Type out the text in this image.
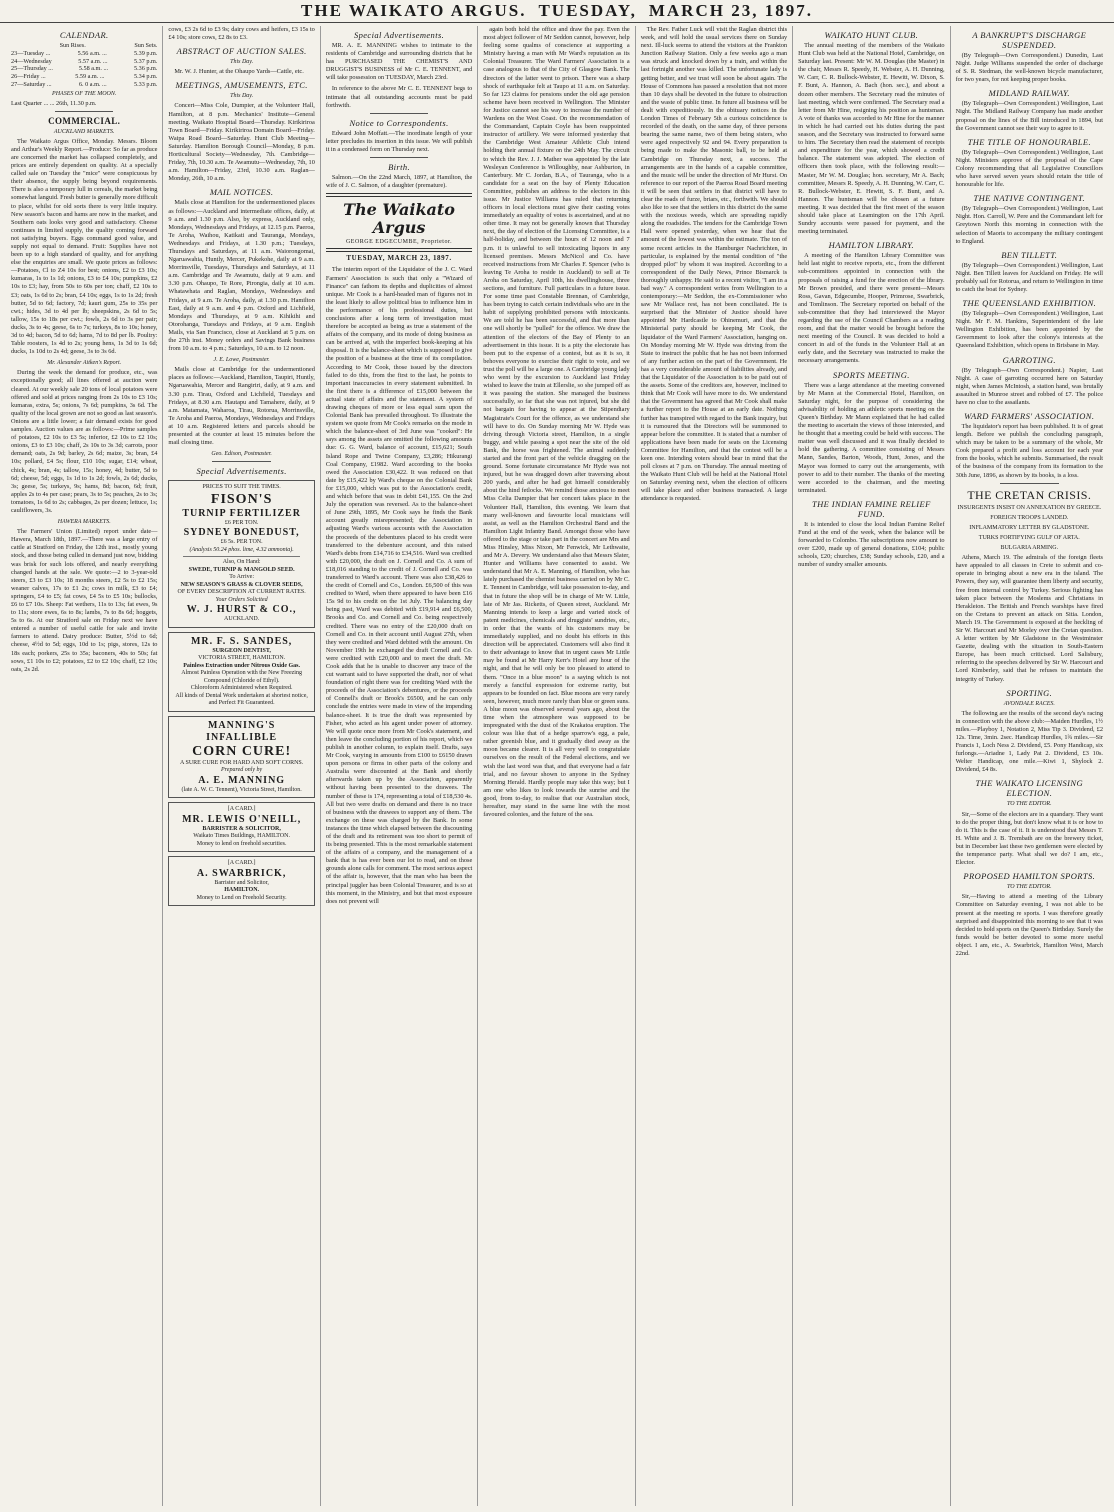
THE WAIKATO ARGUS. TUESDAY, MARCH 23, 1897.
CALENDAR.
Sun Rises.	Sun Sets.
23—Tuesday ...	5.56 a.m. ...	5.39 p.m.
24—Wednesday	5.57 a.m. ...	5.37 p.m.
25—Thursday ...	5.58 a.m. ...	5.36 p.m.
26—Friday ...	5.59 a.m. ...	5.34 p.m.
27—Saturday ...	6. 0 a.m. ...	5.33 p.m.
PHASES OF THE MOON.
Last Quarter ... ... 26th, 11.30 p.m.
COMMERCIAL.
AUCKLAND MARKETS.

The Waikato Argus Office, Monday. Messrs. Bloom and Arthur's Weekly Report.—Produce: So far as produce are concerned the market has collapsed completely, and prices are entirely dependent on quality. At a specially called sale on Tuesday the "mice" were conspicuous by their absence, the supply being beyond requirements. There is also a temporary lull in cereals, the market being somewhat languid. Fresh butter is generally more difficult to place, whilst for old sorts there is very little inquiry. New season's bacon and hams are now in the market, and Southern oats looks very good and satisfactory. Cheese continues in limited supply, the quality coming forward not satisfying buyers. Eggs command good value, and supply not equal to demand. Fruit: Supplies have not been up to a high standard of quality, and for anything else the enquiries are small. We quote prices as follows:—Potatoes, Cl to Z4 10s for best; onions, £2 to £3 10s; kumaras, 1s to 1s 1d; onions, £3 to £4 10s; pumpkins, £2 10s to £3; hay, from 50s to 60s per ton; chaff, £2 10s to £3; oats, 1s 6d to 2s; bran, £4 10s; eggs, 1s to 1s 2d; fresh butter, 5d to 6d; factory, 7d; kauri gum, 25s to 35s per cwt.; hides, 3d to 4d per lb; sheepskins, 2s 6d to 5s; tallow, 15s to 18s per cwt.; fowls, 2s 6d to 3s per pair; ducks, 3s to 4s; geese, 6s to 7s; turkeys, 8s to 10s; honey, 3d to 4d; bacon, 5d to 6d; hams, 7d to 8d per lb. Poultry: Table roosters, 1s 4d to 2s; young hens, 1s 3d to 1s 6d; ducks, 1s 10d to 2s 4d; geese, 3s to 3s 6d.

Mr. Alexander Aitken's Report.

During the week the demand for produce, etc., was exceptionally good; all lines offered at auction were cleared. At our weekly sale 20 tons of local potatoes were offered and sold at prices ranging from 2s 10s to £3 10s; kumaras, extra, 5s; onions, 7s 6d; pumpkins, 3s 6d. The quality of the local grown are not so good as last season's. Onions are a little lower; a fair demand exists for good samples. Auction values are as follows:—Prime samples of potatoes, £2 10s to £3 5s; inferior, £2 10s to £2 10s; onions, £3 to £3 10s; chaff, 2s 10s to 3s 3d; carrots, poor demand; oats, 2s 9d; barley, 2s 6d; maize, 3s; bran, £4 10s; pollard, £4 5s; flour, £10 10s; sugar, £14; wheat, chick, 4s; bran, 4s; tallow, 15s; honey, 4d; butter, 5d to 6d; cheese, 5d; eggs, 1s 1d to 1s 2d; fowls, 2s 6d; ducks, 3s; geese, 5s; turkeys, 9s; hams, 8d; bacon, 6d; fruit, apples 2s to 4s per case; pears, 3s to 5s; peaches, 2s to 3s; tomatoes, 1s 6d to 2s; cabbages, 2s per dozen; lettuce, 1s; cauliflowers, 3s.

HAWERA MARKETS.

The Farmers' Union (Limited) report under date—Hawera, March 18th, 1897.—There was a large entry of cattle at Stratford on Friday, the 12th inst., mostly young stock, and those being culled in demand just now, bidding was brisk for such lots offered, and nearly everything changed hands at the sale. We quote:—2 to 3-year-old steers, £3 to £3 10s; 18 months steers, £2 5s to £2 15s; weaner calves, 17s to £1 2s; cows in milk, £3 to £4; springers, £4 to £5; fat cows, £4 5s to £5 10s; bullocks, £6 to £7 10s. Sheep: Fat wethers, 11s to 13s; fat ewes, 9s to 11s; store ewes, 6s to 8s; lambs, 7s to 8s 6d; hoggets, 5s to 6s. At our Stratford sale on Friday next we have entered a number of useful cattle for sale and invite farmers to attend. Dairy produce: Butter, 5½d to 6d; cheese, 4½d to 5d; eggs, 10d to 1s; pigs, stores, 12s to 18s each; porkers, 25s to 35s; baconers, 40s to 50s; fat sows, £1 10s to £2; potatoes, £2 to £2 10s; chaff, £2 10s; oats, 2s 2d.

cows, £3 2s 6d to £3 9s; dairy cows and heifers, £3 15s to £4 10s; store cows, £2 8s to £3.

ABSTRACT OF AUCTION SALES.
This Day.

Mr. W. J. Hunter, at the Ohaupo Yards—Cattle, etc.

MEETINGS, AMUSEMENTS, ETC.
This Day.

Concert—Miss Cole, Dumpier, at the Volunteer Hall, Hamilton, at 8 p.m. Mechanics' Institute—General meeting. Waikato Hospital Board—Thursday. Kirikiriroa Town Board—Friday. Kirikiriroa Domain Board—Friday. Waipa Road Board—Saturday. Hunt Club Meeting—Saturday. Hamilton Borough Council—Monday, 8 p.m. Horticultural Society—Wednesday, 7th. Cambridge—Friday, 7th, 10.30 a.m. Te Awamutu—Wednesday, 7th, 10 a.m. Hamilton—Friday, 23rd, 10.30 a.m. Raglan—Monday, 26th, 10 a.m.

MAIL NOTICES.

Mails close at Hamilton for the undermentioned places as follows:—Auckland and intermediate offices, daily, at 9 a.m. and 1.30 p.m. Also, by express, Auckland only, Mondays, Wednesdays and Fridays, at 12.15 p.m. Paeroa, Te Aroha, Waihou, Katikati and Tauranga, Mondays, Wednesdays and Fridays, at 1.30 p.m.; Tuesdays, Thursdays and Saturdays, at 11 a.m. Waiorongomai, Ngaruawahia, Huntly, Mercer, Pukekohe, daily at 9 a.m. Morrinsville, Tuesdays, Thursdays and Saturdays, at 11 a.m. Cambridge and Te Awamutu, daily at 9 a.m. and 3.30 p.m. Ohaupo, Te Rore, Pirongia, daily at 10 a.m. Whatawhata and Raglan, Mondays, Wednesdays and Fridays, at 9 a.m. Te Aroha, daily, at 1.30 p.m. Hamilton East, daily at 9 a.m. and 4 p.m. Oxford and Lichfield, Mondays and Thursdays, at 9 a.m. Kihikihi and Otorohanga, Tuesdays and Fridays, at 9 a.m. English Mails, via San Francisco, close at Auckland at 5 p.m. on the 27th inst. Money orders and Savings Bank business from 10 a.m. to 4 p.m.; Saturdays, 10 a.m. to 12 noon.

J. E. Lowe, Postmaster.

Mails close at Cambridge for the undermentioned places as follows:—Auckland, Hamilton, Taupiri, Huntly, Ngaruawahia, Mercer and Rangiriri, daily, at 9 a.m. and 3.30 p.m. Tirau, Oxford and Lichfield, Tuesdays and Fridays, at 8.30 a.m. Hautapu and Tamahere, daily, at 9 a.m. Matamata, Waharoa, Tirau, Rotorua, Morrinsville, Te Aroha and Paeroa, Mondays, Wednesdays and Fridays at 10 a.m. Registered letters and parcels should be presented at the counter at least 15 minutes before the mail closing time.

Geo. Edison, Postmaster.
Special Advertisements.
PRICES TO SUIT THE TIMES.
FISON'S
TURNIP FERTILIZER
£6 PER TON.
SYDNEY BONEDUST,
£6 5s. PER TON.
(Analysis 50.24 phos. lime, 4.32 ammonia).
Also, On Hand:
SWEDE, TURNIP & MANGOLD SEED.
To Arrive:
NEW SEASON'S GRASS & CLOVER SEEDS,
OF EVERY DESCRIPTION AT CURRENT RATES.
Your Orders Solicited
W. J. HURST & CO.,
AUCKLAND.
MR. F. S. SANDES,
SURGEON DENTIST,
VICTORIA STREET, HAMILTON.
Painless Extraction under Nitrous Oxide Gas.
Almost Painless Operation with the New Freezing Compound (Chloride of Ethyl).
Chloroform Administered when Required.
All kinds of Dental Work undertaken at shortest notice, and Perfect Fit Guaranteed.
MANNING'S INFALLIBLE
CORN CURE!
A SURE CURE FOR HARD AND SOFT CORNS.
Prepared only by
A. E. MANNING
(late A. W. C. Tennent), Victoria Street, Hamilton.
[A CARD.]
MR. LEWIS O'NEILL,
BARRISTER & SOLICITOR,
Waikato Times Buildings, HAMILTON.
Money to lend on freehold securities.
[A CARD.]
A. SWARBRICK,
Barrister and Solicitor,
HAMILTON.
Money to Lend on Freehold Security.
Special Advertisements.

MR. A. E. MANNING wishes to intimate to the residents of Cambridge and surrounding districts that he has PURCHASED THE CHEMIST'S AND DRUGGIST'S BUSINESS of Mr C. E. TENNENT, and will take possession on TUESDAY, March 23rd.

In reference to the above Mr C. E. TENNENT begs to intimate that all outstanding accounts must be paid forthwith.

Notice to Correspondents.

Edward John Moffatt.—The inordinate length of your letter precludes its insertion in this issue. We will publish it in a condensed form on Thursday next.

Birth.

Salmon.—On the 22nd March, 1897, at Hamilton, the wife of J. C. Salmon, of a daughter (premature).

The Waikato Argus
GEORGE EDGECUMBE, Proprietor.
TUESDAY, MARCH 23, 1897.

The interim report of the Liquidator of the J. C. Ward Farmers' Association is such that only a "Wizard of Finance" can fathom its depths and duplicities of almost unique. Mr Cook is a hard-headed man of figures not in the least likely to allow political bias to influence him in the performance of his professional duties, but conclusions after a long term of investigation must therefore be accepted as being as true a statement of the affairs of the company, and its mode of doing business as can be arrived at, with the imperfect book-keeping at his disposal. It is the balance-sheet which is supposed to give the position of a business at the time of its compilation. According to Mr Cook, those issued by the directors failed to do this, from the first to the last, he points to important inaccuracies in every statement submitted. In the first there is a difference of £15,000 between the actual state of affairs and the statement. A system of drawing cheques of more or less equal sum upon the Colonial Bank has prevailed throughout. To illustrate the system we quote from Mr Cook's remarks on the mode in which the balance-sheet of 3rd June was "cooked": He says among the assets are omitted the following amounts due: G. G. Ward, balance of account, £15,621; South Island Rope and Twine Company, £3,286; Hikurangi Coal Company, £1982. Ward according to the books owed the Association £30,422. It was reduced on that date by £15,422 by Ward's cheque on the Colonial Bank for £15,000, which was put to the Association's credit, and which before that was in debit £41,155. On the 2nd July the operation was reversed. As to the balance-sheet of June 29th, 1895, Mr Cook says he finds the Bank account greatly misrepresented; the Association in adjusting Ward's various accounts with the Association the proceeds of the debentures placed to his credit were transferred to the debenture account, and this raised Ward's debts from £14,716 to £34,516. Ward was credited with £20,000, the draft on J. Cornell and Co. A sum of £18,016 standing to the credit of J. Cornell and Co. was transferred to Ward's account. There was also £38,426 to the credit of Cornell and Co., London. £6,500 of this was credited to Ward, when there appeared to have been £16 15s 9d to his credit on the 1st July. The balancing day being past, Ward was debited with £19,914 and £6,500, Brooks and Co. and Cornell and Co. being respectively credited. There was no entry of the £20,000 draft on Cornell and Co. in their account until August 27th, when they were credited and Ward debited with the amount. On November 19th he exchanged the draft Cornell and Co. were credited with £20,000 and to meet the draft. Mr Cook adds that he is unable to discover any trace of the cut warrant said to have supported the draft, nor of what foundation of right there was for crediting Ward with the proceeds of the Association's debentures, or the proceeds of Connell's draft or Brook's £6500, and he can only conclude the entries were made in view of the impending balance-sheet. It is true the draft was represented by Fisher, who acted as his agent under power of attorney. We will quote once more from Mr Cook's statement, and then leave the concluding portion of his report, which we publish in another column, to explain itself. Drafts, says Mr Cook, varying in amounts from £100 to £6150 drawn upon persons or firms in other parts of the colony and Australia were discounted at the Bank and shortly afterwards taken up by the Association, apparently without having been presented to the drawees. The number of these is 174, representing a total of £18,530 4s. All but two were drafts on demand and there is no trace of business with the drawees to support any of them. The exchange on these was charged by the Bank. In some instances the time which elapsed between the discounting of the draft and its retirement was too short to permit of its being presented. This is the most remarkable statement of the affairs of a company, and the management of a bank that is has ever been our lot to read, and on those grounds alone calls for comment. The most serious aspect of the affair is, however, that the man who has been the principal juggler has been Colonial Treasurer, and is so at this moment, in the Ministry, and but that most exposure does not prevent will

again both hold the office and draw the pay. Even the most abject follower of Mr Seddon cannot, however, help feeling some qualms of conscience at supporting a Ministry having a man with Mr Ward's reputation as its Colonial Treasurer. The Ward Farmers' Association is a case analogous to that of the City of Glasgow Bank. The directors of the latter went to prison. There was a sharp shock of earthquake felt at Taupo at 11 a.m. on Saturday. So far 123 claims for pensions under the old age pension scheme have been received in Wellington. The Minister for Justice cannot see his way to increase the number of Wardens on the West Coast. On the recommendation of the Commandant, Captain Coyle has been reappointed instructor of artillery. We were informed yesterday that the Cambridge West Amateur Athletic Club intend holding their annual fixture on the 24th May. The circuit to which the Rev. J. J. Mather was appointed by the late Wesleyan Conference is Willoughby, near Ashburton, in Canterbury. Mr C. Jordan, B.A., of Tauranga, who is a candidate for a seat on the bay of Plenty Education Committee, publishes an address to the electors in this issue. Mr Justice Williams has ruled that returning officers in local elections must give their casting votes immediately an equality of votes is ascertained, and at no other time. It may not be generally known that Thursday next, the day of election of the Licensing Committee, is a half-holiday, and between the hours of 12 noon and 7 p.m. it is unlawful to sell intoxicating liquors in any licensed premises. Messrs McNicol and Co. have received instructions from Mr Charles F. Spencer (who is leaving Te Aroha to reside in Auckland) to sell at Te Aroha on Saturday, April 10th, his dwellinghouse, three sections, and furniture. Full particulars in a future issue. For some time past Constable Brennan, of Cambridge, has been trying to catch certain individuals who are in the habit of supplying prohibited persons with intoxicants. We are told he has been successful, and that more than one will shortly be "pulled" for the offence. We draw the attention of the electors of the Bay of Plenty to an advertisement in this issue. It is a pity the electorate has been put to the expense of a contest, but as it is so, it behoves everyone to exercise their right to vote, and we trust the poll will be a large one. A Cambridge young lady who went by the excursion to Auckland last Friday wished to leave the train at Ellerslie, so she jumped off as it was passing the station. She managed the business successfully, so far that she was not injured, but she did not bargain for having to appear at the Stipendiary Magistrate's Court for the offence, as we understand she will have to do. On Sunday morning Mr W. Hyde was driving through Victoria street, Hamilton, in a single buggy, and while passing a spot near the site of the old Bank, the horse was frightened. The animal suddenly started and the front part of the vehicle dragging on the ground. Some fortunate circumstance Mr Hyde was not injured, but he was dragged down after traversing about 200 yards, and after he had got himself considerably about the hind fetlocks. We remind those anxious to meet Miss Celia Dampier that her concert takes place in the Volunteer Hall, Hamilton, this evening. We learn that many well-known and favourite local musicians will assist, as well as the Hamilton Orchestral Band and the Hamilton Light Infantry Band. Amongst those who have offered to the stage or take part in the concert are Mrs and Miss Hinsley, Miss Nixon, Mr Fenwick, Mr Lethwaite, and Mr A. Devery. We understand also that Messrs Slater, Hunter and Williams have consented to assist. We understand that Mr A. E. Manning, of Hamilton, who has lately purchased the chemist business carried on by Mr C. E. Tennent in Cambridge, will take possession to-day, and that in future the shop will be in charge of Mr W. Little, late of Mr Jas. Ricketts, of Queen street, Auckland. Mr Manning intends to keep a large and varied stock of patent medicines, chemicals and druggists' sundries, etc., in order that the wants of his customers may be immediately supplied, and no doubt his efforts in this direction will be appreciated. Customers will also find it to their advantage to know that in urgent cases Mr Little may be found at Mr Harry Kerr's Hotel any hour of the night, and that he will only be too pleased to attend to them. "Once in a blue moon" is a saying which is not merely a fanciful expression for extreme rarity, but appears to be founded on fact. Blue moons are very rarely seen, however, much more rarely than blue or green suns. A blue moon was observed several years ago, about the time when the atmosphere was supposed to be impregnated with the dust of the Krakatoa eruption. The colour was like that of a hedge sparrow's egg, a pale, rather greenish blue, and it gradually died away as the moon became clearer. It is all very well to congratulate ourselves on the result of the Federal elections, and we wish the last word was that, and that everyone had a fair trial, and no favour shown to anyone in the Sydney Morning Herald. Hardly people may take this way; but I am one who likes to look towards the sunrise and the good, from to-day, to realise that our Australian stock, hereafter, may stand in the same line with the most favoured colonies, and the future of the sea.

The Rev. Father Luck will visit the Raglan district this week, and will hold the usual services there on Sunday next. Ill-luck seems to attend the visitors at the Frankton Junction Railway Station. Only a few weeks ago a man was struck and knocked down by a train, and within the last fortnight another was killed. The unfortunate lady is getting better, and we trust will soon be about again. The House of Commons has passed a resolution that not more than 10 days shall be devoted in the future to obstruction and the waste of public time. In future all business will be dealt with expeditiously. In the obituary notices in the London Times of February 5th a curious coincidence is recorded of the death, on the same day, of three persons bearing the same name, two of them being sisters, who were aged respectively 92 and 94. Every preparation is being made to make the Masonic ball, to be held at Cambridge on Thursday next, a success. The arrangements are in the hands of a capable committee, and the music will be under the direction of Mr Hurst. On reference to our report of the Paeroa Road Board meeting it will be seen that settlers in that district will have to clear the roads of furze, briars, etc., forthwith. We should also like to see that the settlers in this district do the same with the noxious weeds, which are spreading rapidly along the roadsides. The tenders for the Cambridge Town Hall were opened yesterday, when we hear that the amount of the lowest was within the estimate. The ton of some recent articles in the Hamburger Nachrichten, in particular, is explained by the mental condition of "the dropped pilot" by whom it was inspired. According to a correspondent of the Daily News, Prince Bismarck is thoroughly unhappy. He said to a recent visitor, "I am in a bad way." A correspondent writes from Wellington to a contemporary:—Mr Seddon, the ex-Commissioner who saw Mr Wallace rest, has not been conciliated. He is surprised that the Minister of Justice should have appointed Mr Hardcastle to Ohinemuri, and that the Ministerial party should be keeping Mr Cook, the liquidator of the Ward Farmers' Association, hanging on. On Monday morning Mr W. Hyde was driving from the State to instruct the public that he has not been informed of any further action on the part of the Government. He has a very considerable amount of liabilities already, and that the Liquidator of the Association is to be paid out of the assets. Some of the creditors are, however, inclined to think that Mr Cook will have more to do. We understand that the Government has agreed that Mr Cook shall make a further report to the House at an early date. Nothing further has transpired with regard to the Bank inquiry, but it is rumoured that the Directors will be summoned to appear before the committee. It is stated that a number of applications have been made for seats on the Licensing Committee for Hamilton, and that the contest will be a keen one. Intending voters should bear in mind that the poll closes at 7 p.m. on Thursday. The annual meeting of the Waikato Hunt Club will be held at the National Hotel on Saturday evening next, when the election of officers will take place and other business transacted. A large attendance is requested.

WAIKATO HUNT CLUB.

The annual meeting of the members of the Waikato Hunt Club was held at the National Hotel, Cambridge, on Saturday last. Present: Mr W. M. Douglas (the Master) in the chair, Messrs R. Speedy, H. Webster, A. H. Dunning, W. Carr, C. R. Bullock-Webster, E. Hewitt, W. Dixon, S. F. Bunt, A. Hannon, A. Bach (hon. sec.), and about a dozen other members. The Secretary read the minutes of last meeting, which were confirmed. The Secretary read a letter from Mr Hine, resigning his position as huntsman. A vote of thanks was accorded to Mr Hine for the manner in which he had carried out his duties during the past season, and the Secretary was instructed to forward same to him. The Secretary then read the statement of receipts and expenditure for the year, which showed a credit balance. The statement was adopted. The election of officers then took place, with the following result:—Master, Mr W. M. Douglas; hon. secretary, Mr A. Bach; committee, Messrs R. Speedy, A. H. Dunning, W. Carr, C. R. Bullock-Webster, E. Hewitt, S. F. Bunt, and A. Hannon. The huntsman will be chosen at a future meeting. It was decided that the first meet of the season should take place at Leamington on the 17th April. Sundry accounts were passed for payment, and the meeting terminated.

HAMILTON LIBRARY.

A meeting of the Hamilton Library Committee was held last night to receive reports, etc., from the different sub-committees appointed in connection with the proposals of raising a fund for the erection of the library. Mr Brown presided, and there were present—Messrs Ross, Gavan, Edgecumbe, Hooper, Primrose, Swarbrick, and Tomlinson. The Secretary reported on behalf of the sub-committee that they had interviewed the Mayor regarding the use of the Council Chambers as a reading room, and that the matter would be brought before the next meeting of the Council. It was decided to hold a concert in aid of the funds in the Volunteer Hall at an early date, and the Secretary was instructed to make the necessary arrangements.

SPORTS MEETING.

There was a large attendance at the meeting convened by Mr Mann at the Commercial Hotel, Hamilton, on Saturday night, for the purpose of considering the advisability of holding an athletic sports meeting on the Queen's Birthday. Mr Mann explained that he had called the meeting to ascertain the views of those interested, and he thought that a meeting could be held with success. The matter was well discussed and it was finally decided to hold the gathering. A committee consisting of Messrs Mann, Sandes, Barton, Woods, Hunt, Jones, and the Mayor was formed to carry out the arrangements, with power to add to their number. The thanks of the meeting were accorded to the chairman, and the meeting terminated.

THE INDIAN FAMINE RELIEF FUND.

It is intended to close the local Indian Famine Relief Fund at the end of the week, when the balance will be forwarded to Colombo. The subscriptions now amount to over £200, made up of general donations, £104; public schools, £20; churches, £38; Sunday schools, £20, and a number of sundry smaller amounts.

A BANKRUPT'S DISCHARGE SUSPENDED.

(By Telegraph—Own Correspondent.) Dunedin, Last Night. Judge Williams suspended the order of discharge of S. R. Stedman, the well-known bicycle manufacturer, for two years, for not keeping proper books.

MIDLAND RAILWAY.

(By Telegraph—Own Correspondent.) Wellington, Last Night. The Midland Railway Company has made another proposal on the lines of the Bill introduced in 1894, but the Government cannot see their way to agree to it.

THE TITLE OF HONOURABLE.

(By Telegraph—Own Correspondent.) Wellington, Last Night. Ministers approve of the proposal of the Cape Colony recommending that all Legislative Councillors who have served seven years should retain the title of honourable for life.

THE NATIVE CONTINGENT.

(By Telegraph—Own Correspondent.) Wellington, Last Night. Hon. Carroll, W. Pere and the Commandant left for Greytown North this morning in connection with the selection of Maoris to accompany the military contingent to England.

BEN TILLETT.

(By Telegraph—Own Correspondent.) Wellington, Last Night. Ben Tillett leaves for Auckland on Friday. He will probably sail for Rotorua, and return to Wellington in time to catch the boat for Sydney.

THE QUEENSLAND EXHIBITION.

(By Telegraph—Own Correspondent.) Wellington, Last Night. Mr F. M. Hankins, Superintendent of the late Wellington Exhibition, has been appointed by the Government to look after the colony's interests at the Queensland Exhibition, which opens in Brisbane in May.

GARROTING.

(By Telegraph—Own Correspondent.) Napier, Last Night. A case of garroting occurred here on Saturday night, when James McIntosh, a station hand, was brutally assaulted in Munroe street and robbed of £7. The police have no clue to the assailants.

WARD FARMERS' ASSOCIATION.

The liquidator's report has been published. It is of great length. Before we publish the concluding paragraph, which may be taken to be a summary of the whole, Mr Cook prepared a profit and loss account for each year from the books, which he submits. Summarised, the result of the business of the company from its formation to the 30th June, 1896, as shown by its books, is a loss.

THE CRETAN CRISIS.
INSURGENTS INSIST ON ANNEXATION BY GREECE.
FOREIGN TROOPS LANDED.
INFLAMMATORY LETTER BY GLADSTONE.
TURKS FORTIFYING GULF OF ARTA.
BULGARIA ARMING.

Athens, March 19. The admirals of the foreign fleets have appealed to all classes in Crete to submit and co-operate in bringing about a new era in the island. The Powers, they say, will guarantee them liberty and security, free from internal control by Turkey. Serious fighting has taken place between the Moslems and Christians in Herakleion. The British and French warships have fired on the Cretans to prevent an attack on Sitia. London, March 19. The Government is exposed at the heckling of Sir W. Harcourt and Mr Morley over the Cretan question. A letter written by Mr Gladstone in the Westminster Gazette, dealing with the situation in South-Eastern Europe, has been much criticised. Lord Salisbury, referring to the speeches delivered by Sir W. Harcourt and Lord Kimberley, said that he refuses to maintain the integrity of Turkey.

SPORTING.
AVONDALE RACES.

The following are the results of the second day's racing in connection with the above club:—Maiden Hurdles, 1½ miles.—Playboy 1, Notation 2, Miss Tip 3. Dividend, £2 12s. Time, 3min. 2sec. Handicap Hurdles, 1¾ miles.—Sir Francis 1, Loch Ness 2. Dividend, £5. Pony Handicap, six furlongs.—Ariadne 1, Lady Pat 2. Dividend, £3 10s. Welter Handicap, one mile.—Kiwi 1, Shylock 2. Dividend, £4 8s.

THE WAIKATO LICENSING ELECTION.
TO THE EDITOR.

Sir,—Some of the electors are in a quandary. They want to do the proper thing, but don't know what it is or how to do it. This is the case of it. It is understood that Messrs T. H. White and J. B. Trembath are on the brewery ticket, but in December last these two gentlemen were elected by the temperance party. What shall we do? I am, etc., Elector.

PROPOSED HAMILTON SPORTS.
TO THE EDITOR.

Sir,—Having to attend a meeting of the Library Committee on Saturday evening, I was not able to be present at the meeting re sports. I was therefore greatly surprised and disappointed this morning to see that it was decided to hold sports on the Queen's Birthday. Surely the funds would be better devoted to some more useful object. I am, etc., A. Swarbrick, Hamilton West, March 22nd.
